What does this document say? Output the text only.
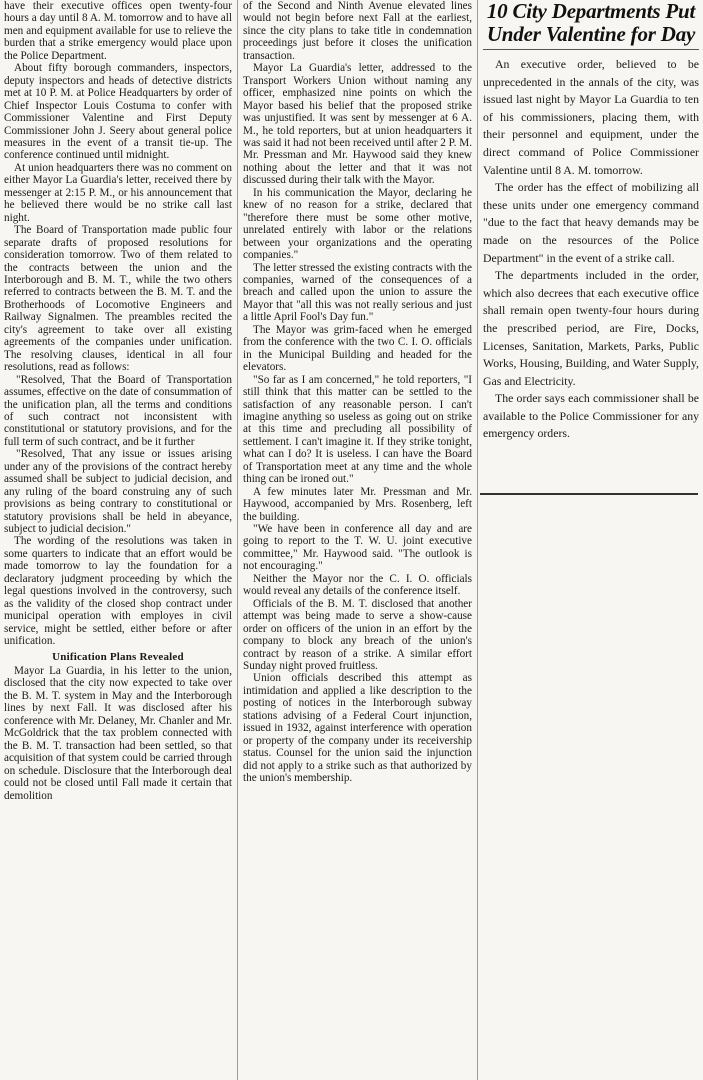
have their executive offices open twenty-four hours a day until 8 A. M. tomorrow and to have all men and equipment available for use to relieve the burden that a strike emergency would place upon the Police Department.

About fifty borough commanders, inspectors, deputy inspectors and heads of detective districts met at 10 P. M. at Police Headquarters by order of Chief Inspector Louis Costuma to confer with Commissioner Valentine and First Deputy Commissioner John J. Seery about general police measures in the event of a transit tie-up. The conference continued until midnight.

At union headquarters there was no comment on either Mayor La Guardia's letter, received there by messenger at 2:15 P. M., or his announcement that he believed there would be no strike call last night.

The Board of Transportation made public four separate drafts of proposed resolutions for consideration tomorrow. Two of them related to the contracts between the union and the Interborough and B. M. T., while the two others referred to contracts between the B. M. T. and the Brotherhoods of Locomotive Engineers and Railway Signalmen. The preambles recited the city's agreement to take over all existing agreements of the companies under unification. The resolving clauses, identical in all four resolutions, read as follows:

"Resolved, That the Board of Transportation assumes, effective on the date of consummation of the unification plan, all the terms and conditions of such contract not inconsistent with constitutional or statutory provisions, and for the full term of such contract, and be it further

"Resolved, That any issue or issues arising under any of the provisions of the contract hereby assumed shall be subject to judicial decision, and any ruling of the board construing any of such provisions as being contrary to constitutional or statutory provisions shall be held in abeyance, subject to judicial decision."

The wording of the resolutions was taken in some quarters to indicate that an effort would be made tomorrow to lay the foundation for a declaratory judgment proceeding by which the legal questions involved in the controversy, such as the validity of the closed shop contract under municipal operation with employes in civil service, might be settled, either before or after unification.

Unification Plans Revealed

Mayor La Guardia, in his letter to the union, disclosed that the city now expected to take over the B. M. T. system in May and the Interborough lines by next Fall. It was disclosed after his conference with Mr. Delaney, Mr. Chanler and Mr. McGoldrick that the tax problem connected with the B. M. T. transaction had been settled, so that acquisition of that system could be carried through on schedule. Disclosure that the Interborough deal could not be closed until Fall made it certain that demolition

of the Second and Ninth Avenue elevated lines would not begin before next Fall at the earliest, since the city plans to take title in condemnation proceedings just before it closes the unification transaction.

Mayor La Guardia's letter, addressed to the Transport Workers Union without naming any officer, emphasized nine points on which the Mayor based his belief that the proposed strike was unjustified. It was sent by messenger at 6 A. M., he told reporters, but at union headquarters it was said it had not been received until after 2 P. M. Mr. Pressman and Mr. Haywood said they knew nothing about the letter and that it was not discussed during their talk with the Mayor.

In his communication the Mayor, declaring he knew of no reason for a strike, declared that "therefore there must be some other motive, unrelated entirely with labor or the relations between your organizations and the operating companies."

The letter stressed the existing contracts with the companies, warned of the consequences of a breach and called upon the union to assure the Mayor that "all this was not really serious and just a little April Fool's Day fun."

The Mayor was grim-faced when he emerged from the conference with the two C. I. O. officials in the Municipal Building and headed for the elevators.

"So far as I am concerned," he told reporters, "I still think that this matter can be settled to the satisfaction of any reasonable person. I can't imagine anything so useless as going out on strike at this time and precluding all possibility of settlement. I can't imagine it. If they strike tonight, what can I do? It is useless. I can have the Board of Transportation meet at any time and the whole thing can be ironed out."

A few minutes later Mr. Pressman and Mr. Haywood, accompanied by Mrs. Rosenberg, left the building.

"We have been in conference all day and are going to report to the T. W. U. joint executive committee," Mr. Haywood said. "The outlook is not encouraging."

Neither the Mayor nor the C. I. O. officials would reveal any details of the conference itself.

Officials of the B. M. T. disclosed that another attempt was being made to serve a show-cause order on officers of the union in an effort by the company to block any breach of the union's contract by reason of a strike. A similar effort Sunday night proved fruitless.

Union officials described this attempt as intimidation and applied a like description to the posting of notices in the Interborough subway stations advising of a Federal Court injunction, issued in 1932, against interference with operation or property of the company under its receivership status. Counsel for the union said the injunction did not apply to a strike such as that authorized by the union's membership.

10 City Departments Put
Under Valentine for Day

An executive order, believed to be unprecedented in the annals of the city, was issued last night by Mayor La Guardia to ten of his commissioners, placing them, with their personnel and equipment, under the direct command of Police Commissioner Valentine until 8 A. M. tomorrow.

The order has the effect of mobilizing all these units under one emergency command "due to the fact that heavy demands may be made on the resources of the Police Department" in the event of a strike call.

The departments included in the order, which also decrees that each executive office shall remain open twenty-four hours during the prescribed period, are Fire, Docks, Licenses, Sanitation, Markets, Parks, Public Works, Housing, Building, and Water Supply, Gas and Electricity.

The order says each commissioner shall be available to the Police Commissioner for any emergency orders.
